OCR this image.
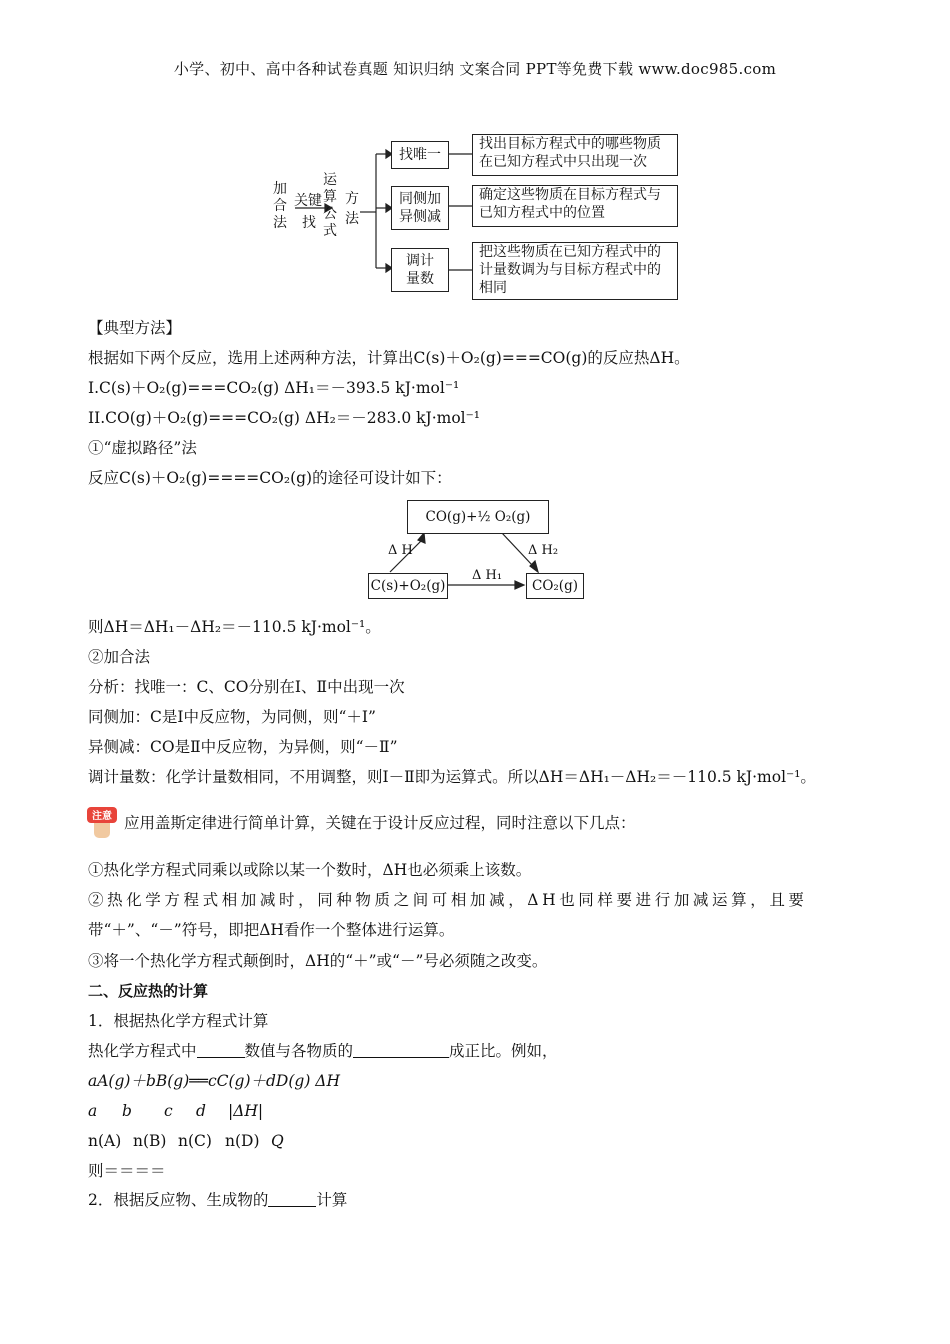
小学、初中、高中各种试卷真题 知识归纳 文案合同 PPT等免费下载 www.doc985.com
加合法
关键
找
运算公式
方法
找唯一
同侧加
异侧减
调计
量数
找出目标方程式中的哪些物质
在已知方程式中只出现一次
确定这些物质在目标方程式与
已知方程式中的位置
把这些物质在已知方程式中的
计量数调为与目标方程式中的
相同
【典型方法】
根据如下两个反应，选用上述两种方法，计算出C(s)＋O₂(g)===CO(g)的反应热ΔH。
I.C(s)＋O₂(g)===CO₂(g) ΔH₁＝－393.5 kJ·mol⁻¹
II.CO(g)＋O₂(g)===CO₂(g) ΔH₂＝－283.0 kJ·mol⁻¹
①“虚拟路径”法
反应C(s)＋O₂(g)====CO₂(g)的途径可设计如下：
CO(g)+½ O₂(g)
C(s)+O₂(g)	CO₂(g)
Δ H	Δ H₂
Δ H₁
则ΔH＝ΔH₁－ΔH₂＝－110.5 kJ·mol⁻¹。
②加合法
分析：找唯一：C、CO分别在Ⅰ、Ⅱ中出现一次
同侧加：C是Ⅰ中反应物，为同侧，则“＋Ⅰ”
异侧减：CO是Ⅱ中反应物，为异侧，则“－Ⅱ”
调计量数：化学计量数相同，不用调整，则Ⅰ－Ⅱ即为运算式。所以ΔH＝ΔH₁－ΔH₂＝－110.5 kJ·mol⁻¹。
注意 应用盖斯定律进行简单计算，关键在于设计反应过程，同时注意以下几点：
①热化学方程式同乘以或除以某一个数时，ΔH也必须乘上该数。
②热化学方程式相加减时，同种物质之间可相加减，ΔH也同样要进行加减运算，且要
带“＋”、“－”符号，即把ΔH看作一个整体进行运算。
③将一个热化学方程式颠倒时，ΔH的“＋”或“－”号必须随之改变。
二、反应热的计算
1．根据热化学方程式计算
热化学方程式中	数值与各物质的	成正比。例如，
aA(g)＋bB(g)══cC(g)＋dD(g) ΔH
a b c d |ΔH|
n(A) n(B) n(C) n(D) Q
则＝＝＝＝
2．根据反应物、生成物的	计算
